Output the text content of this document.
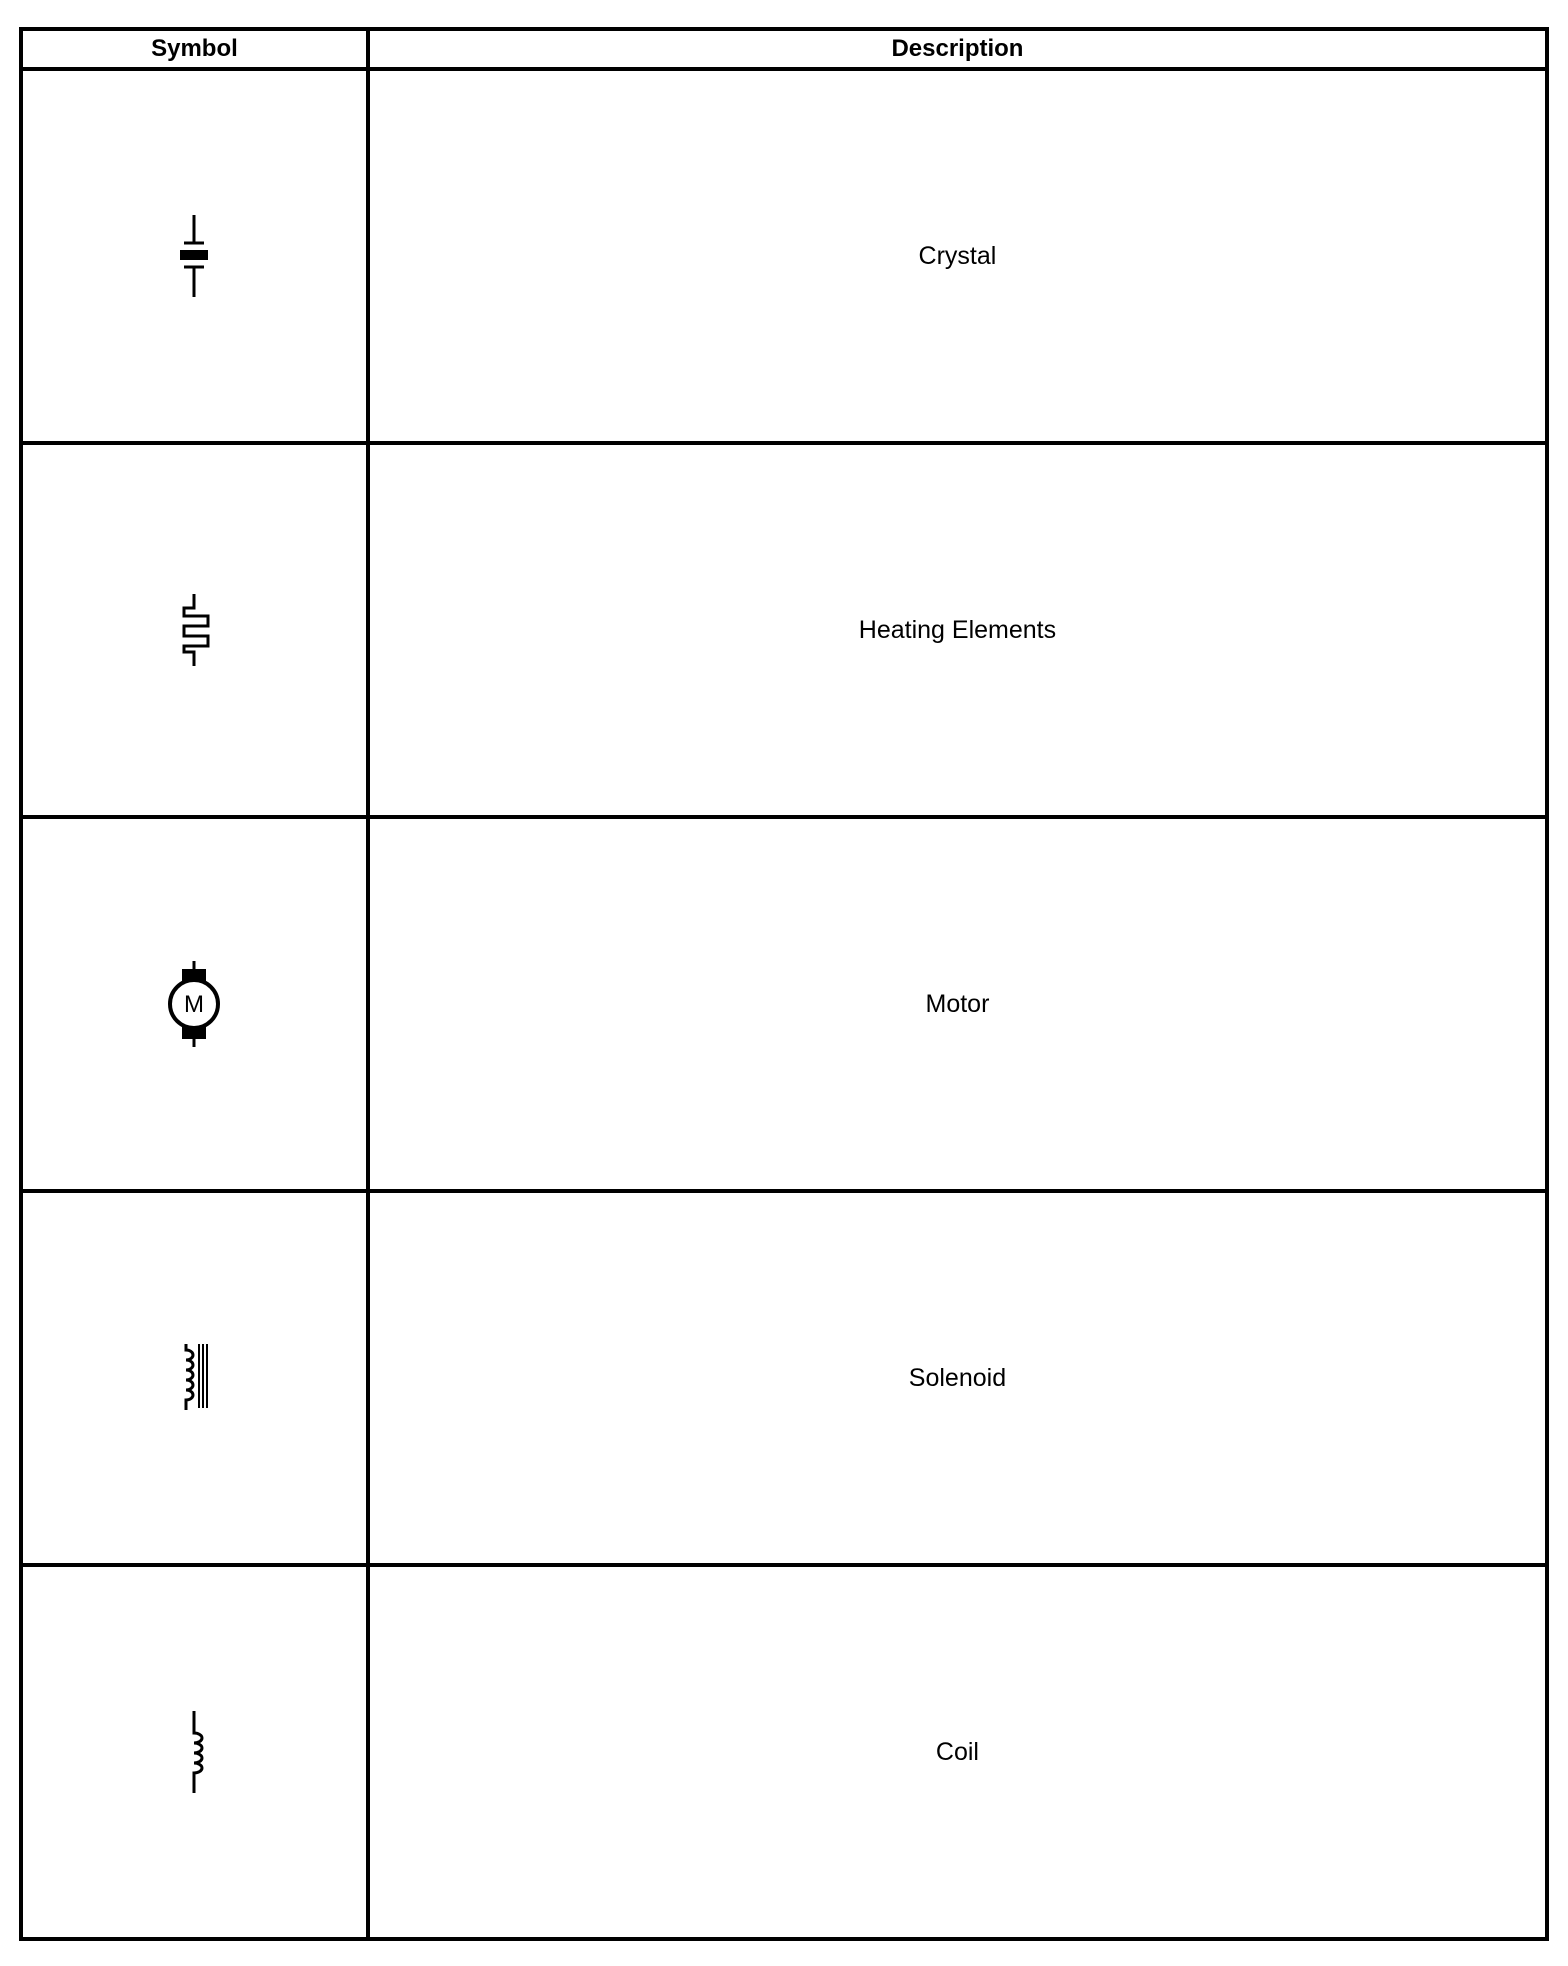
Symbol	Description

	Crystal

	Heating Elements

M	Motor

	Solenoid

	Coil
